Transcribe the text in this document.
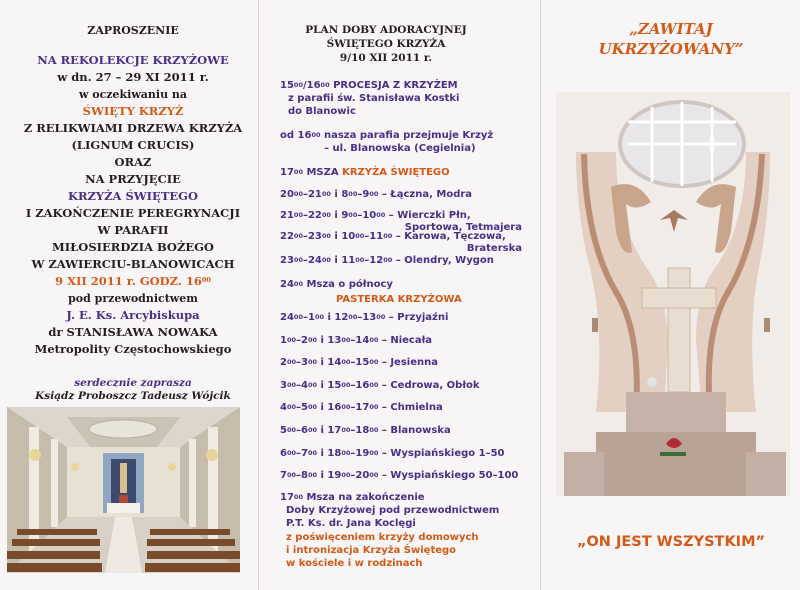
ZAPROSZENIE
NA REKOLEKCJE KRZYŻOWE
w dn. 27 – 29 XI 2011 r.
w oczekiwaniu na
ŚWIĘTY KRZYŻ
Z RELIKWIAMI DRZEWA KRZYŻA
(LIGNUM CRUCIS)
ORAZ
NA PRZYJĘCIE
KRZYŻA ŚWIĘTEGO
I ZAKOŃCZENIE PEREGRYNACJI
W PARAFII
MIŁOSIERDZIA BOŻEGO
W ZAWIERCIU-BLANOWICACH
9 XII 2011 r. GODZ. $16^{00}$
pod przewodnictwem
J. E. Ks. Arcybiskupa
dr STANISŁAWA NOWAKA
Metropolity Częstochowskiego
serdecznie zaprasza
Ksiądz Proboszcz Tadeusz Wójcik
PLAN DOBY ADORACYJNEJ
ŚWIĘTEGO KRZYŻA
9/10 XII 2011 r.
$15^{00}/16^{00}$ PROCESJA Z KRZYŻEM
z parafii św. Stanisława Kostki
do Blanowic
od $16^{00}$ nasza parafia przejmuje Krzyż
– ul. Blanowska (Cegielnia)
$17^{00}$ MSZA KRZYŻA ŚWIĘTEGO
$20^{00}-21^{00}$ i $8^{00}-9^{00}$ – Łączna, Modra
$21^{00}-22^{00}$ i $9^{00}-10^{00}$ – Wierczki Płn,
Sportowa, Tetmajera
$22^{00}-23^{00}$ i $10^{00}-11^{00}$ – Karowa, Tęczowa,
Braterska
$23^{00}-24^{00}$ i $11^{00}-12^{00}$ – Olendry, Wygon
$24^{00}$ Msza o północy
PASTERKA KRZYŻOWA
$24^{00}-1^{00}$ i $12^{00}-13^{00}$ – Przyjaźni
$1^{00}-2^{00}$ i $13^{00}-14^{00}$ – Niecała
$2^{00}-3^{00}$ i $14^{00}-15^{00}$ – Jesienna
$3^{00}-4^{00}$ i $15^{00}-16^{00}$ – Cedrowa, Obłok
$4^{00}-5^{00}$ i $16^{00}-17^{00}$ – Chmielna
$5^{00}-6^{00}$ i $17^{00}-18^{00}$ – Blanowska
$6^{00}-7^{00}$ i $18^{00}-19^{00}$ – Wyspiańskiego 1–50
$7^{00}-8^{00}$ i $19^{00}-20^{00}$ – Wyspiańskiego 50–100
$17^{00}$ Msza na zakończenie
Doby Krzyżowej pod przewodnictwem
P.T. Ks. dr. Jana Koclęgi
z poświęceniem krzyży domowych
i intronizacja Krzyża Świętego
w kościele i w rodzinach
„ZAWITAJ
UKRZYŻOWANY”
„ON JEST WSZYSTKIM”
